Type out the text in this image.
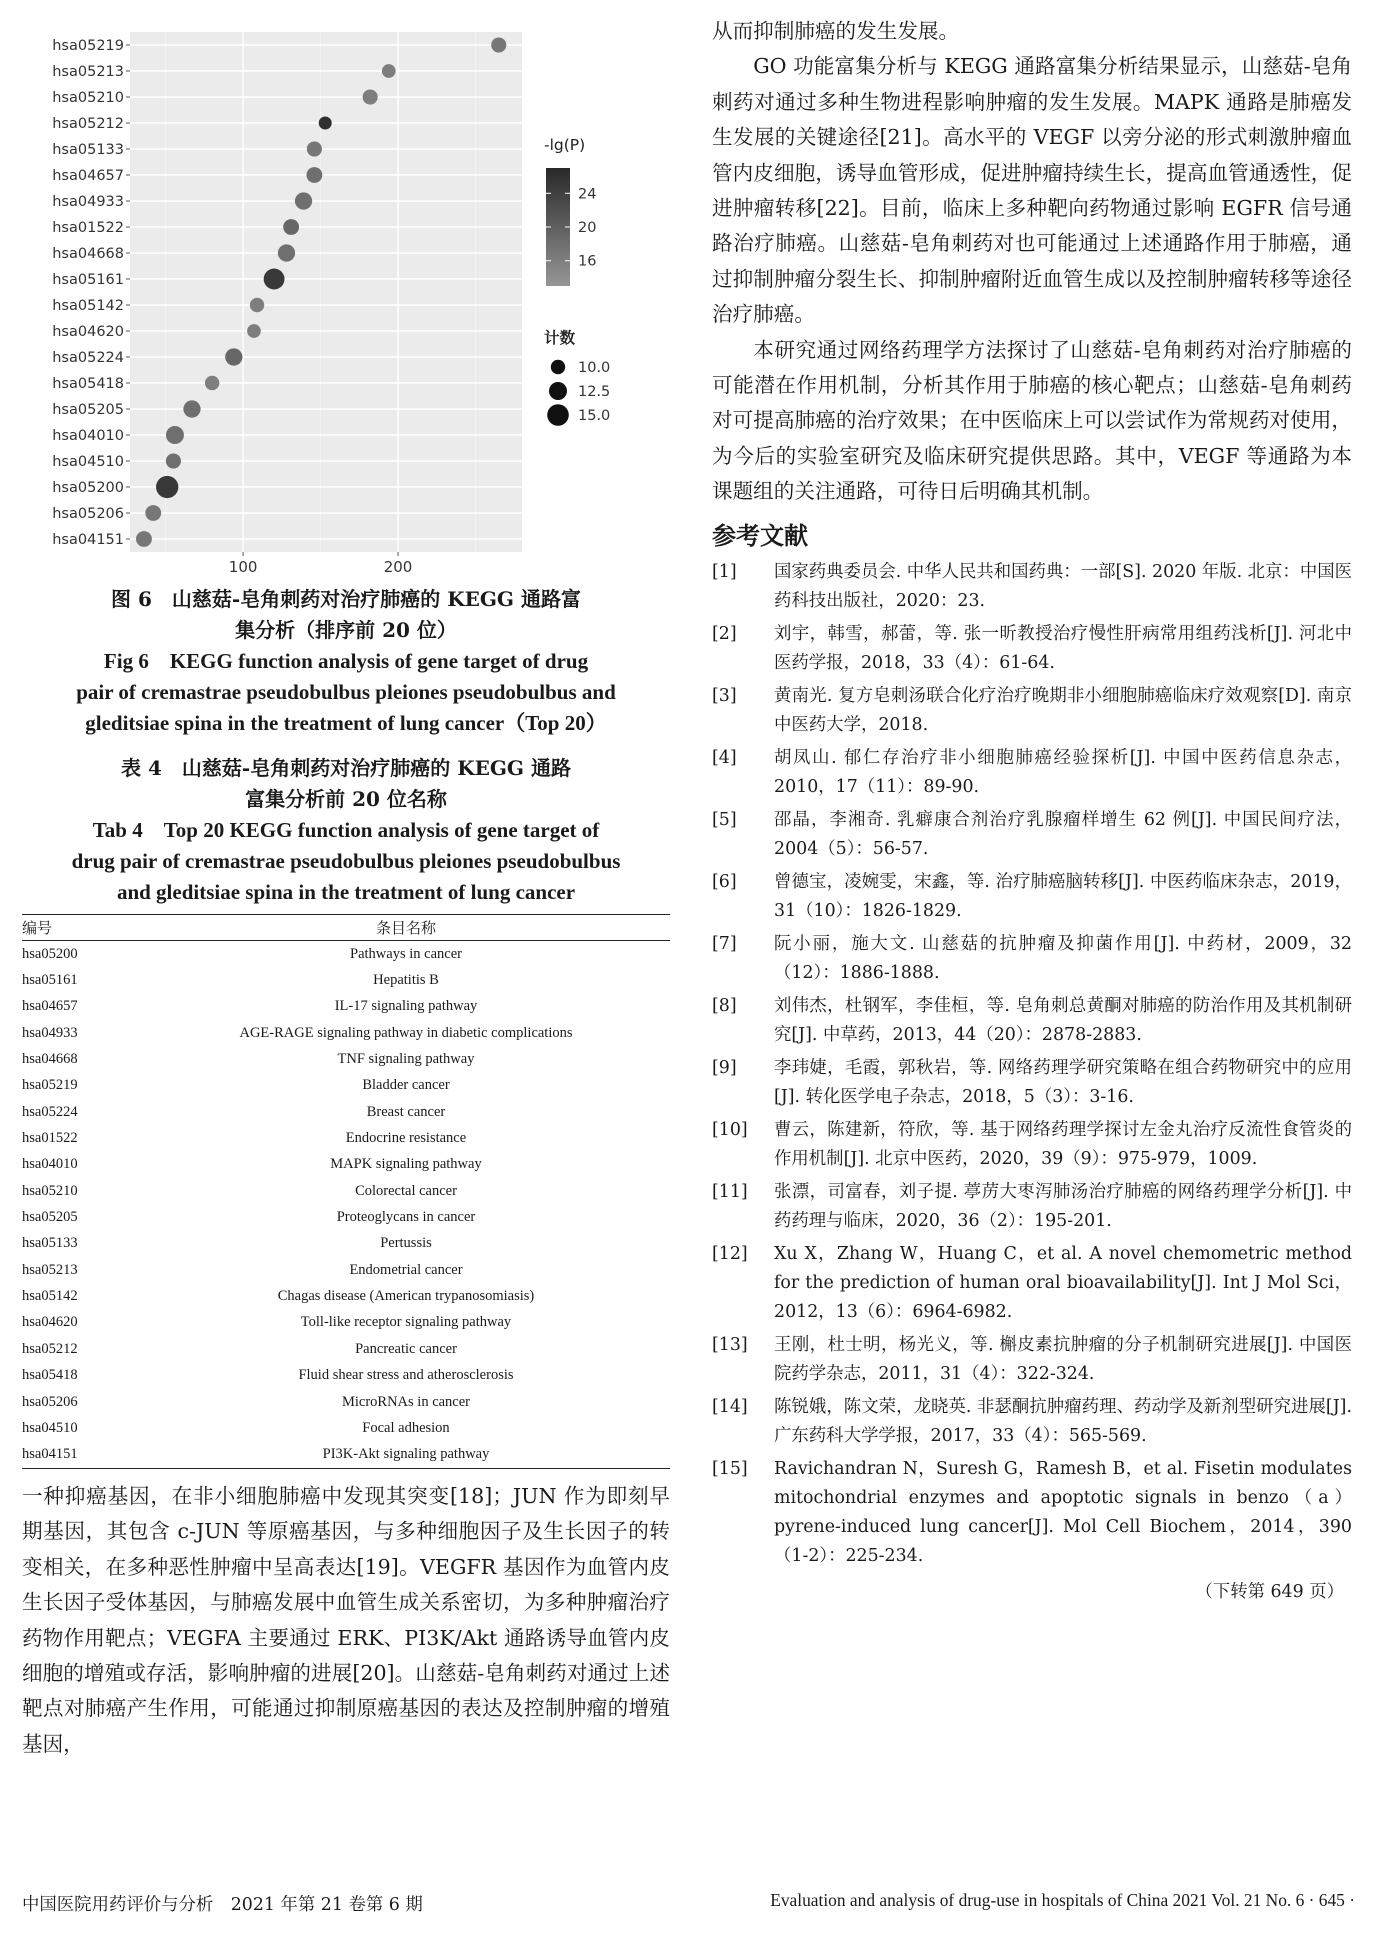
hsa05219
hsa05213
hsa05210
hsa05212
hsa05133
hsa04657
hsa04933
hsa01522
hsa04668
hsa05161
hsa05142
hsa04620
hsa05224
hsa05418
hsa05205
hsa04010
hsa04510
hsa05200
hsa05206
hsa04151
100	200
-lg(P)
24
20
16
计数
10.0
12.5
15.0
图 6　山慈菇-皂角刺药对治疗肺癌的 KEGG 通路富
集分析（排序前 20 位）
Fig 6　KEGG function analysis of gene target of drug
pair of cremastrae pseudobulbus pleiones pseudobulbus and
gleditsiae spina in the treatment of lung cancer（Top 20）
表 4　山慈菇-皂角刺药对治疗肺癌的 KEGG 通路
富集分析前 20 位名称
Tab 4　Top 20 KEGG function analysis of gene target of
drug pair of cremastrae pseudobulbus pleiones pseudobulbus
and gleditsiae spina in the treatment of lung cancer
编号	条目名称
hsa05200	Pathways in cancer
hsa05161	Hepatitis B
hsa04657	IL-17 signaling pathway
hsa04933	AGE-RAGE signaling pathway in diabetic complications
hsa04668	TNF signaling pathway
hsa05219	Bladder cancer
hsa05224	Breast cancer
hsa01522	Endocrine resistance
hsa04010	MAPK signaling pathway
hsa05210	Colorectal cancer
hsa05205	Proteoglycans in cancer
hsa05133	Pertussis
hsa05213	Endometrial cancer
hsa05142	Chagas disease (American trypanosomiasis)
hsa04620	Toll-like receptor signaling pathway
hsa05212	Pancreatic cancer
hsa05418	Fluid shear stress and atherosclerosis
hsa05206	MicroRNAs in cancer
hsa04510	Focal adhesion
hsa04151	PI3K-Akt signaling pathway

一种抑癌基因，在非小细胞肺癌中发现其突变[18]；JUN 作为即刻早期基因，其包含 c-JUN 等原癌基因，与多种细胞因子及生长因子的转变相关，在多种恶性肿瘤中呈高表达[19]。VEGFR 基因作为血管内皮生长因子受体基因，与肺癌发展中血管生成关系密切，为多种肿瘤治疗药物作用靶点；VEGFA 主要通过 ERK、PI3K/Akt 通路诱导血管内皮细胞的增殖或存活，影响肿瘤的进展[20]。山慈菇-皂角刺药对通过上述靶点对肺癌产生作用，可能通过抑制原癌基因的表达及控制肿瘤的增殖基因，

从而抑制肺癌的发生发展。

GO 功能富集分析与 KEGG 通路富集分析结果显示，山慈菇-皂角刺药对通过多种生物进程影响肿瘤的发生发展。MAPK 通路是肺癌发生发展的关键途径[21]。高水平的 VEGF 以旁分泌的形式刺激肿瘤血管内皮细胞，诱导血管形成，促进肿瘤持续生长，提高血管通透性，促进肿瘤转移[22]。目前，临床上多种靶向药物通过影响 EGFR 信号通路治疗肺癌。山慈菇-皂角刺药对也可能通过上述通路作用于肺癌，通过抑制肿瘤分裂生长、抑制肿瘤附近血管生成以及控制肿瘤转移等途径治疗肺癌。

本研究通过网络药理学方法探讨了山慈菇-皂角刺药对治疗肺癌的可能潜在作用机制，分析其作用于肺癌的核心靶点；山慈菇-皂角刺药对可提高肺癌的治疗效果；在中医临床上可以尝试作为常规药对使用，为今后的实验室研究及临床研究提供思路。其中，VEGF 等通路为本课题组的关注通路，可待日后明确其机制。

参考文献
[1]	国家药典委员会. 中华人民共和国药典：一部[S]. 2020 年版. 北京：中国医药科技出版社，2020：23.
[2]	刘宇，韩雪，郝蕾，等. 张一昕教授治疗慢性肝病常用组药浅析[J]. 河北中医药学报，2018，33（4）：61-64.
[3]	黄南光. 复方皂刺汤联合化疗治疗晚期非小细胞肺癌临床疗效观察[D]. 南京中医药大学，2018.
[4]	胡凤山. 郁仁存治疗非小细胞肺癌经验探析[J]. 中国中医药信息杂志，2010，17（11）：89-90.
[5]	邵晶，李湘奇. 乳癖康合剂治疗乳腺瘤样增生 62 例[J]. 中国民间疗法，2004（5）：56-57.
[6]	曾德宝，凌婉雯，宋鑫，等. 治疗肺癌脑转移[J]. 中医药临床杂志，2019，31（10）：1826-1829.
[7]	阮小丽，施大文. 山慈菇的抗肿瘤及抑菌作用[J]. 中药材，2009，32（12）：1886-1888.
[8]	刘伟杰，杜钢军，李佳桓，等. 皂角刺总黄酮对肺癌的防治作用及其机制研究[J]. 中草药，2013，44（20）：2878-2883.
[9]	李玮婕，毛霞，郭秋岩，等. 网络药理学研究策略在组合药物研究中的应用[J]. 转化医学电子杂志，2018，5（3）：3-16.
[10]	曹云，陈建新，符欣，等. 基于网络药理学探讨左金丸治疗反流性食管炎的作用机制[J]. 北京中医药，2020，39（9）：975-979，1009.
[11]	张漂，司富春，刘子提. 葶苈大枣泻肺汤治疗肺癌的网络药理学分析[J]. 中药药理与临床，2020，36（2）：195-201.
[12]	Xu X，Zhang W，Huang C，et al. A novel chemometric method for the prediction of human oral bioavailability[J]. Int J Mol Sci，2012，13（6）：6964-6982.
[13]	王刚，杜士明，杨光义，等. 槲皮素抗肿瘤的分子机制研究进展[J]. 中国医院药学杂志，2011，31（4）：322-324.
[14]	陈锐娥，陈文荣，龙晓英. 非瑟酮抗肿瘤药理、药动学及新剂型研究进展[J]. 广东药科大学学报，2017，33（4）：565-569.
[15]	Ravichandran N，Suresh G，Ramesh B，et al. Fisetin modulates mitochondrial enzymes and apoptotic signals in benzo（a）pyrene-induced lung cancer[J]. Mol Cell Biochem，2014，390（1-2）：225-234.
（下转第 649 页）
中国医院用药评价与分析　2021 年第 21 卷第 6 期	Evaluation and analysis of drug-use in hospitals of China 2021 Vol. 21 No. 6 · 645 ·
